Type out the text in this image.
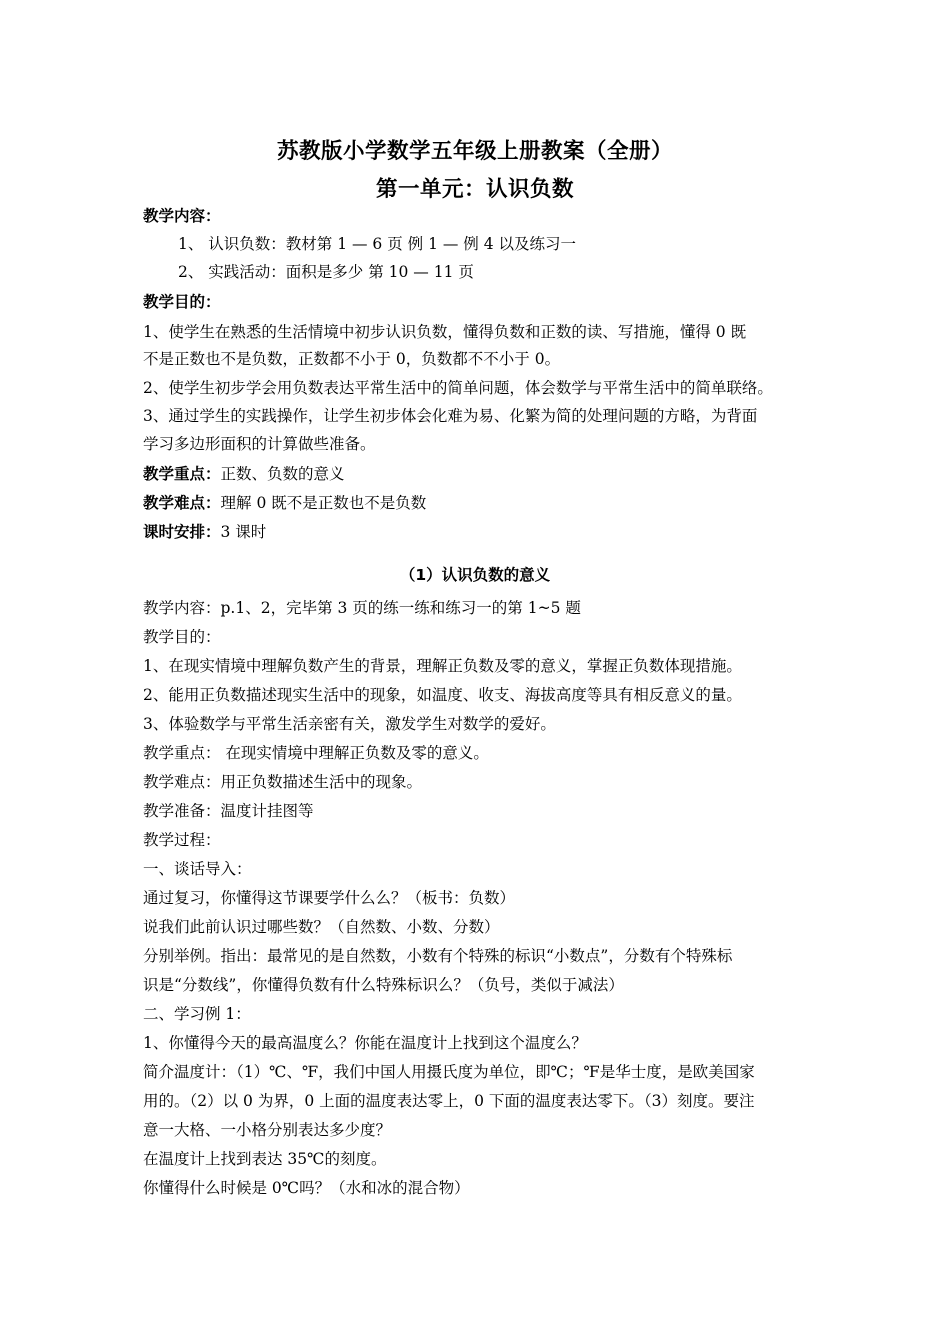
苏教版小学数学五年级上册教案（全册）
第一单元：认识负数
教学内容：
1、 认识负数：教材第 1 — 6 页 例 1 — 例 4 以及练习一
2、 实践活动：面积是多少 第 10 — 11 页
教学目的：
1、使学生在熟悉的生活情境中初步认识负数，懂得负数和正数的读、写措施，懂得 0 既
不是正数也不是负数，正数都不小于 0，负数都不不小于 0。
2、使学生初步学会用负数表达平常生活中的简单问题，体会数学与平常生活中的简单联络。
3、通过学生的实践操作，让学生初步体会化难为易、化繁为简的处理问题的方略，为背面
学习多边形面积的计算做些准备。
教学重点：正数、负数的意义
教学难点：理解 0 既不是正数也不是负数
课时安排：3 课时
（1）认识负数的意义
教学内容：p.1、2，完毕第 3 页的练一练和练习一的第 1~5 题
教学目的：
1、在现实情境中理解负数产生的背景，理解正负数及零的意义，掌握正负数体现措施。
2、能用正负数描述现实生活中的现象，如温度、收支、海拔高度等具有相反意义的量。
3、体验数学与平常生活亲密有关，激发学生对数学的爱好。
教学重点： 在现实情境中理解正负数及零的意义。
教学难点：用正负数描述生活中的现象。
教学准备：温度计挂图等
教学过程：
一、谈话导入：
通过复习，你懂得这节课要学什么么？（板书：负数）
说我们此前认识过哪些数？（自然数、小数、分数）
分别举例。指出：最常见的是自然数，小数有个特殊的标识“小数点”，分数有个特殊标
识是“分数线”，你懂得负数有什么特殊标识么？（负号，类似于减法）
二、学习例 1：
1、你懂得今天的最高温度么？你能在温度计上找到这个温度么？
简介温度计：（1）℃、℉，我们中国人用摄氏度为单位，即℃；℉是华士度，是欧美国家
用的。（2）以 0 为界，0 上面的温度表达零上，0 下面的温度表达零下。（3）刻度。要注
意一大格、一小格分别表达多少度？
在温度计上找到表达 35℃的刻度。
你懂得什么时候是 0℃吗？（水和冰的混合物）
